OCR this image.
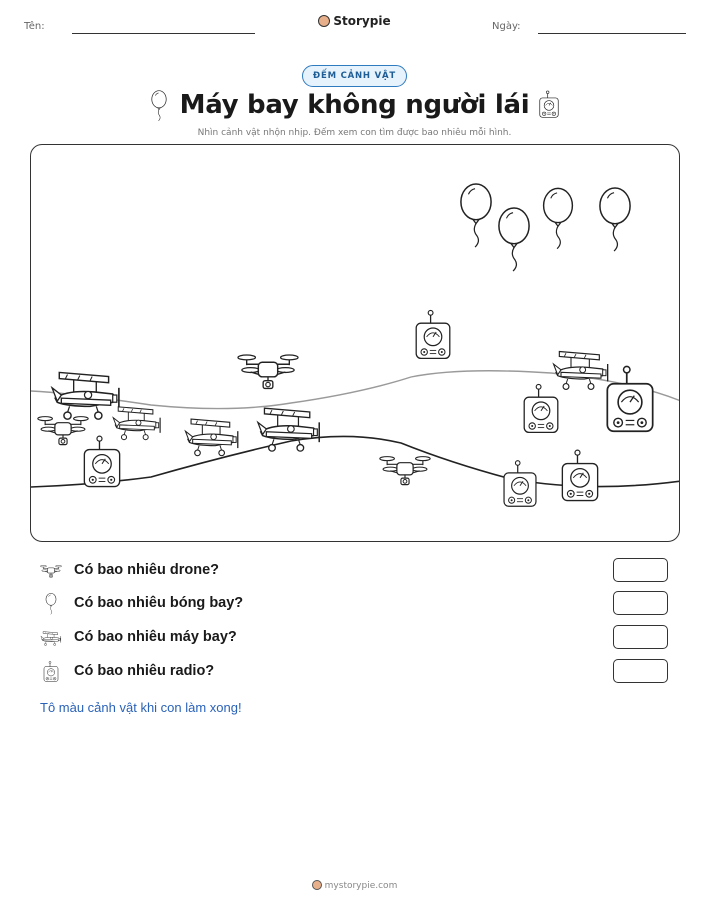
Tên:	Storypie	Ngày:
ĐẾM CẢNH VẬT
Máy bay không người lái
Nhìn cảnh vật nhộn nhịp. Đếm xem con tìm được bao nhiêu mỗi hình.
Có bao nhiêu drone?
Có bao nhiêu bóng bay?
Có bao nhiêu máy bay?
Có bao nhiêu radio?
Tô màu cảnh vật khi con làm xong!
mystorypie.com
